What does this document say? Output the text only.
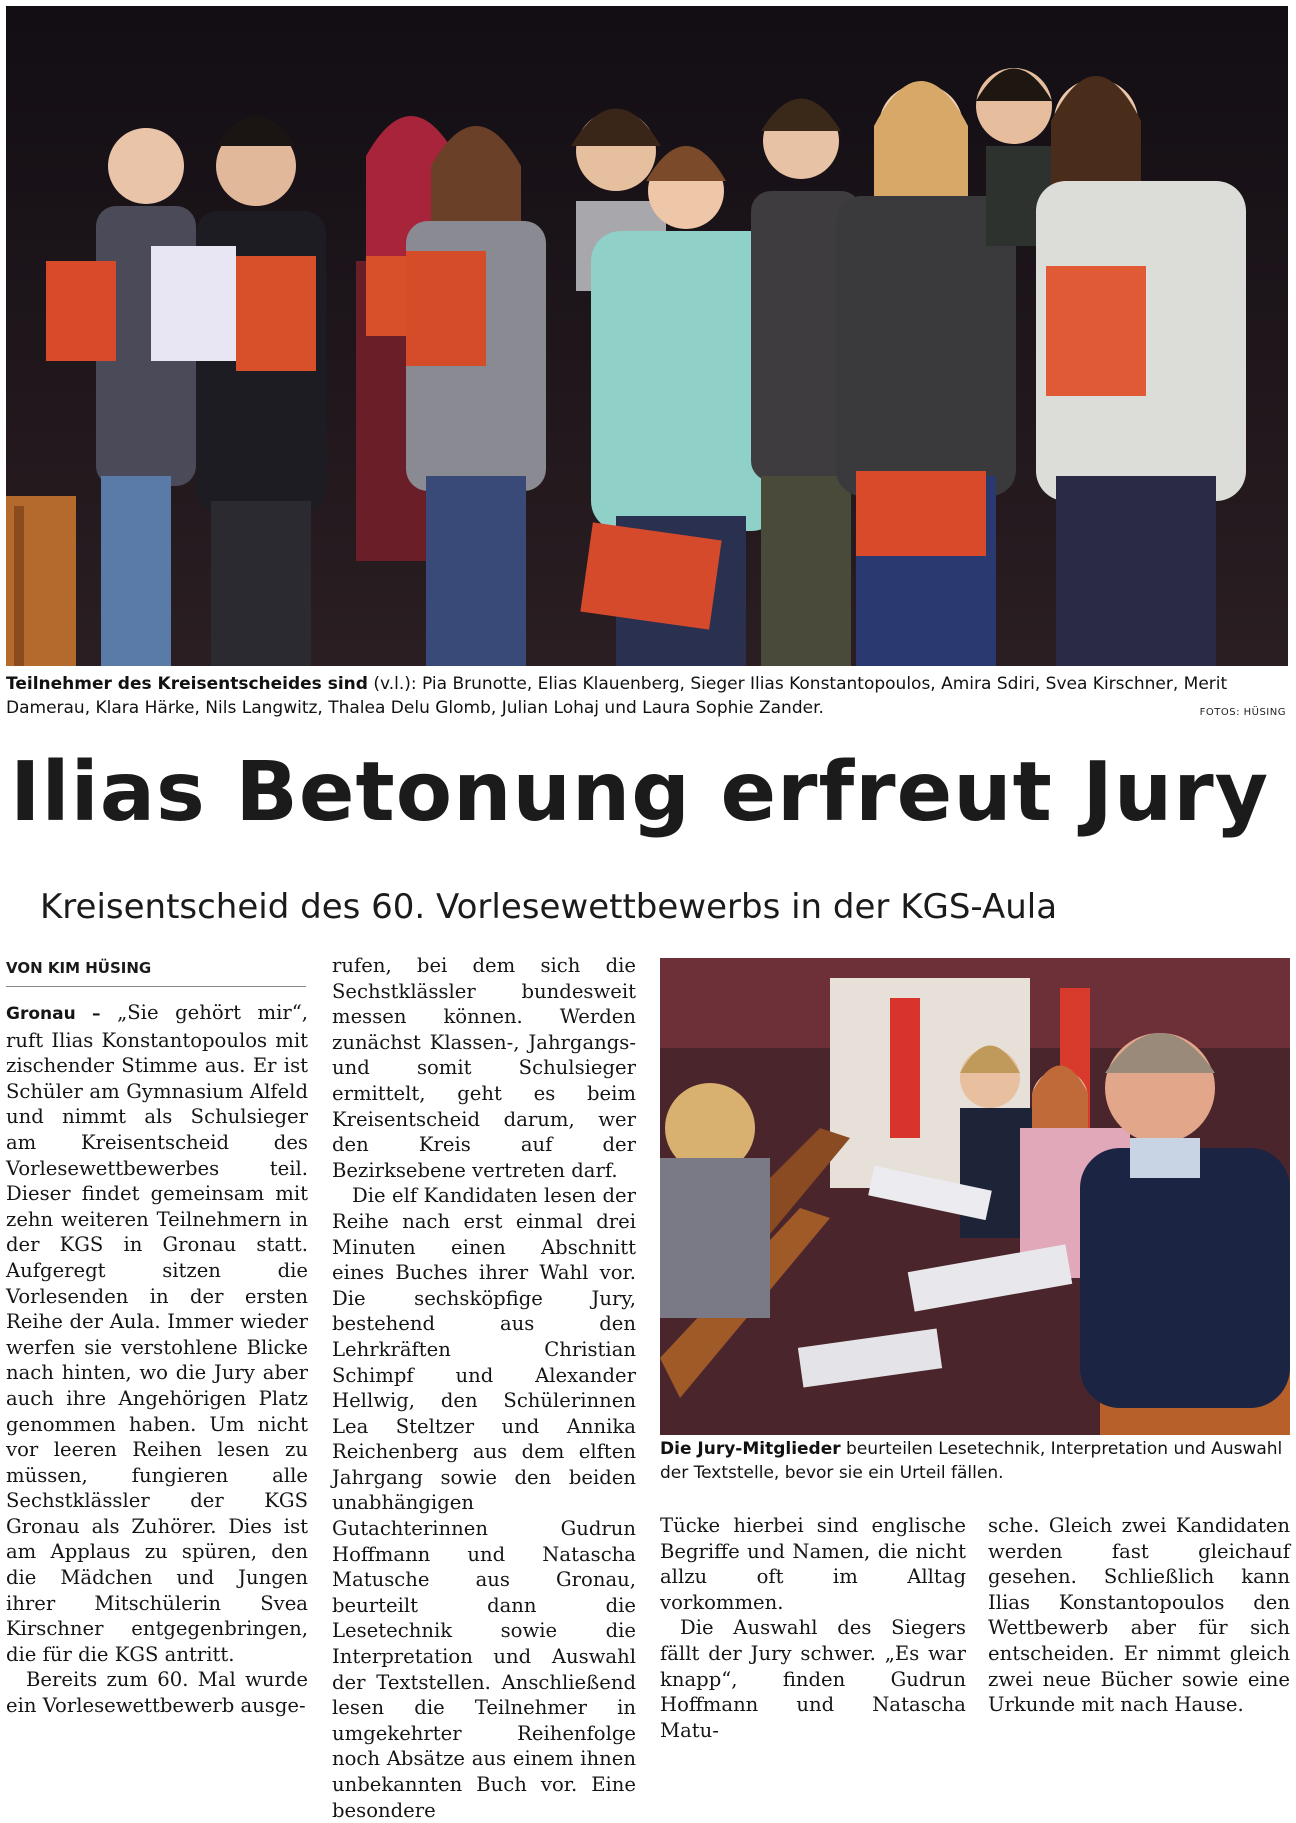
Teilnehmer des Kreisentscheides sind (v.l.): Pia Brunotte, Elias Klauenberg, Sieger Ilias Konstantopoulos, Amira Sdiri, Svea Kirschner, Merit Damerau, Klara Härke, Nils Langwitz, Thalea Delu Glomb, Julian Lohaj und Laura Sophie Zander.	FOTOS: HÜSING
Ilias Betonung erfreut Jury
Kreisentscheid des 60. Vorlesewettbewerbs in der KGS-Aula
VON KIM HÜSING

Gronau – „Sie gehört mir“, ruft Ilias Konstantopoulos mit zischender Stimme aus. Er ist Schüler am Gymnasium Alfeld und nimmt als Schulsieger am Kreisentscheid des Vorlesewettbewerbes teil. Dieser findet gemeinsam mit zehn weiteren Teilnehmern in der KGS in Gronau statt. Aufgeregt sitzen die Vorlesenden in der ersten Reihe der Aula. Immer wieder werfen sie verstohlene Blicke nach hinten, wo die Jury aber auch ihre Angehörigen Platz genommen haben. Um nicht vor leeren Reihen lesen zu müssen, fungieren alle Sechstklässler der KGS Gronau als Zuhörer. Dies ist am Applaus zu spüren, den die Mädchen und Jungen ihrer Mitschülerin Svea Kirschner entgegenbringen, die für die KGS antritt.

Bereits zum 60. Mal wurde ein Vorlesewettbewerb ausge-

rufen, bei dem sich die Sechstklässler bundesweit messen können. Werden zunächst Klassen-, Jahrgangs- und somit Schulsieger ermittelt, geht es beim Kreisentscheid darum, wer den Kreis auf der Bezirksebene vertreten darf.

Die elf Kandidaten lesen der Reihe nach erst einmal drei Minuten einen Abschnitt eines Buches ihrer Wahl vor. Die sechsköpfige Jury, bestehend aus den Lehrkräften Christian Schimpf und Alexander Hellwig, den Schülerinnen Lea Steltzer und Annika Reichenberg aus dem elften Jahrgang sowie den beiden unabhängigen Gutachterinnen Gudrun Hoffmann und Natascha Matusche aus Gronau, beurteilt dann die Lesetechnik sowie die Interpretation und Auswahl der Textstellen. Anschließend lesen die Teilnehmer in umgekehrter Reihenfolge noch Absätze aus einem ihnen unbekannten Buch vor. Eine besondere

Die Jury-Mitglieder beurteilen Lesetechnik, Interpretation und Auswahl der Textstelle, bevor sie ein Urteil fällen.

Tücke hierbei sind englische Begriffe und Namen, die nicht allzu oft im Alltag vorkommen.

Die Auswahl des Siegers fällt der Jury schwer. „Es war knapp“, finden Gudrun Hoffmann und Natascha Matu-

sche. Gleich zwei Kandidaten werden fast gleichauf gesehen. Schließlich kann Ilias Konstantopoulos den Wettbewerb aber für sich entscheiden. Er nimmt gleich zwei neue Bücher sowie eine Urkunde mit nach Hause.
